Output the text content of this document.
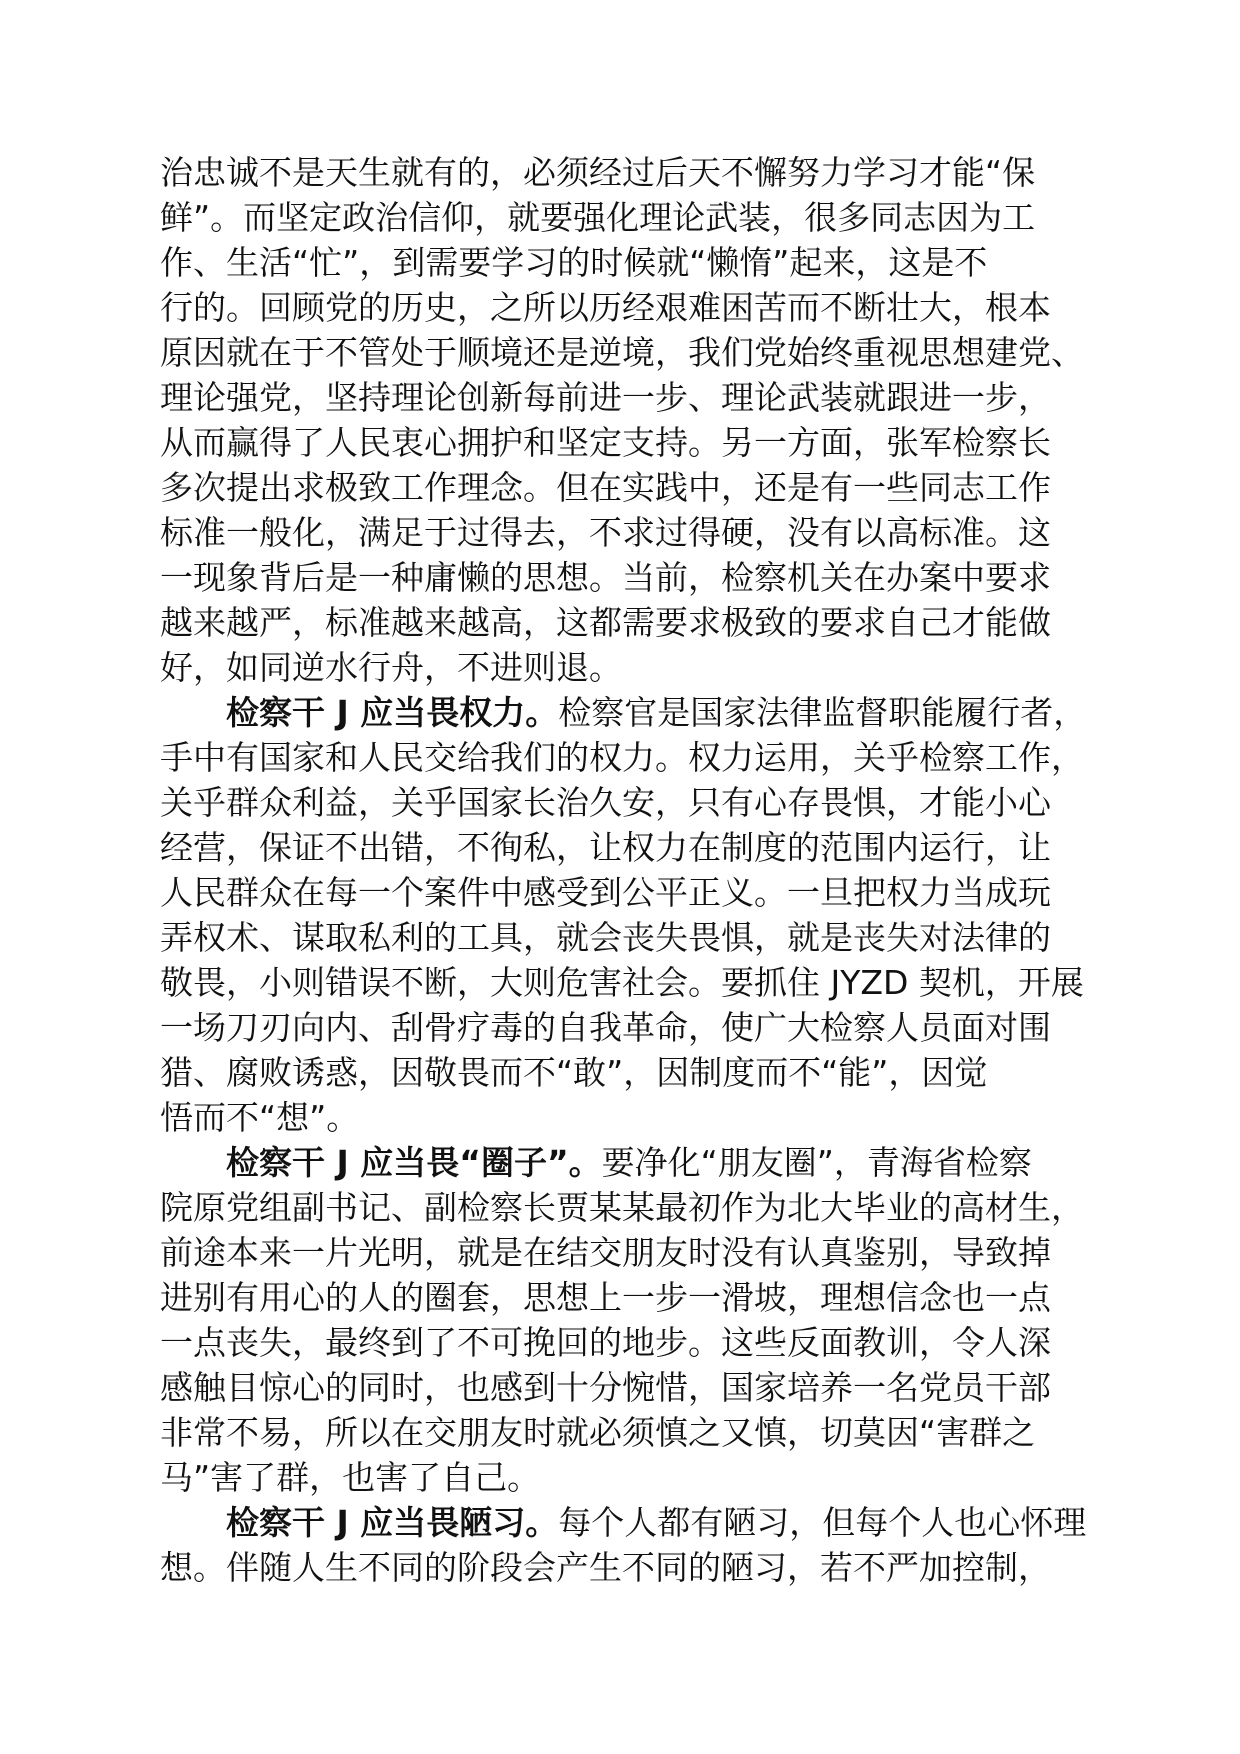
治忠诚不是天生就有的，必须经过后天不懈努力学习才能“保
鲜”。而坚定政治信仰，就要强化理论武装，很多同志因为工
作、生活“忙”，到需要学习的时候就“懒惰”起来，这是不
行的。回顾党的历史，之所以历经艰难困苦而不断壮大，根本
原因就在于不管处于顺境还是逆境，我们党始终重视思想建党、
理论强党，坚持理论创新每前进一步、理论武装就跟进一步，
从而赢得了人民衷心拥护和坚定支持。另一方面，张军检察长
多次提出求极致工作理念。但在实践中，还是有一些同志工作
标准一般化，满足于过得去，不求过得硬，没有以高标准。这
一现象背后是一种庸懒的思想。当前，检察机关在办案中要求
越来越严，标准越来越高，这都需要求极致的要求自己才能做
好，如同逆水行舟，不进则退。
检察干 J 应当畏权力。检察官是国家法律监督职能履行者，
手中有国家和人民交给我们的权力。权力运用，关乎检察工作，
关乎群众利益，关乎国家长治久安，只有心存畏惧，才能小心
经营，保证不出错，不徇私，让权力在制度的范围内运行，让
人民群众在每一个案件中感受到公平正义。一旦把权力当成玩
弄权术、谋取私利的工具，就会丧失畏惧，就是丧失对法律的
敬畏，小则错误不断，大则危害社会。要抓住 JYZD 契机，开展
一场刀刃向内、刮骨疗毒的自我革命，使广大检察人员面对围
猎、腐败诱惑，因敬畏而不“敢”，因制度而不“能”，因觉
悟而不“想”。
检察干 J 应当畏“圈子”。要净化“朋友圈”，青海省检察
院原党组副书记、副检察长贾某某最初作为北大毕业的高材生，
前途本来一片光明，就是在结交朋友时没有认真鉴别，导致掉
进别有用心的人的圈套，思想上一步一滑坡，理想信念也一点
一点丧失，最终到了不可挽回的地步。这些反面教训，令人深
感触目惊心的同时，也感到十分惋惜，国家培养一名党员干部
非常不易，所以在交朋友时就必须慎之又慎，切莫因“害群之
马”害了群，也害了自己。
检察干 J 应当畏陋习。每个人都有陋习，但每个人也心怀理
想。伴随人生不同的阶段会产生不同的陋习，若不严加控制，
